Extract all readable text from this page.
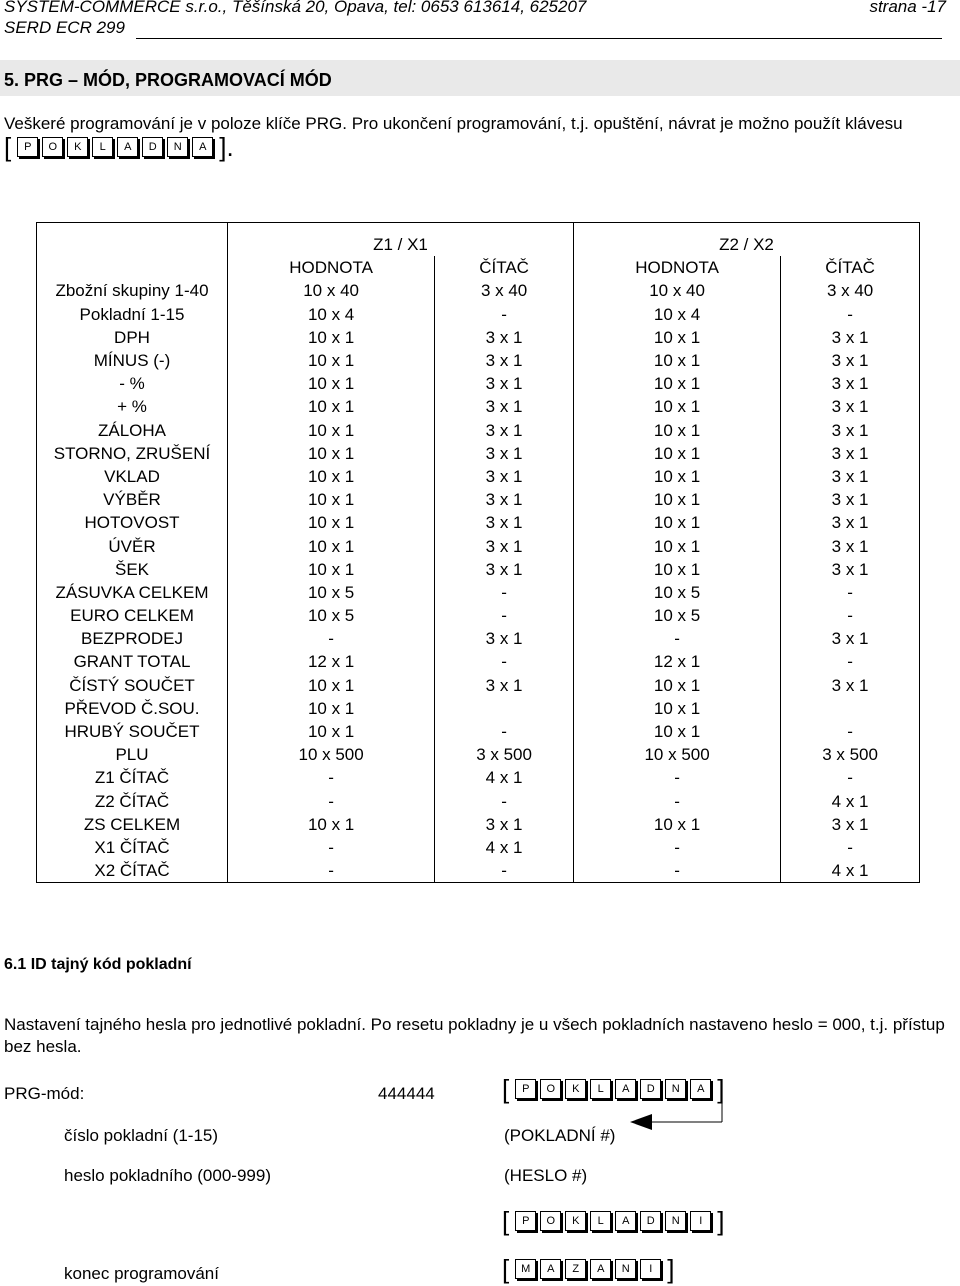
SYSTEM-COMMERCE s.r.o., Těšínská 20, Opava, tel: 0653 613614, 625207	strana -17
SERD ECR 299
5. PRG – MÓD, PROGRAMOVACÍ MÓD
Veškeré programování je v poloze klíče PRG. Pro ukončení programování, t.j. opuštění, návrat je možno použít klávesu
[	P	O	K	L	A	D	N	A ].
	Z1 / X1		Z2 / X2	
	HODNOTA	ČÍTAČ	HODNOTA	ČÍTAČ
Zbožní skupiny 1-40	10 x 40	3 x 40	10 x 40	3 x 40
Pokladní 1-15	10 x 4	-	10 x 4	-
DPH	10 x 1	3 x 1	10 x 1	3 x 1
MÍNUS (-)	10 x 1	3 x 1	10 x 1	3 x 1
- %	10 x 1	3 x 1	10 x 1	3 x 1
+ %	10 x 1	3 x 1	10 x 1	3 x 1
ZÁLOHA	10 x 1	3 x 1	10 x 1	3 x 1
STORNO, ZRUŠENÍ	10 x 1	3 x 1	10 x 1	3 x 1
VKLAD	10 x 1	3 x 1	10 x 1	3 x 1
VÝBĚR	10 x 1	3 x 1	10 x 1	3 x 1
HOTOVOST	10 x 1	3 x 1	10 x 1	3 x 1
ÚVĚR	10 x 1	3 x 1	10 x 1	3 x 1
ŠEK	10 x 1	3 x 1	10 x 1	3 x 1
ZÁSUVKA CELKEM	10 x 5	-	10 x 5	-
EURO CELKEM	10 x 5	-	10 x 5	-
BEZPRODEJ	-	3 x 1	-	3 x 1
GRANT TOTAL	12 x 1	-	12 x 1	-
ČÍSTÝ SOUČET	10 x 1	3 x 1	10 x 1	3 x 1
PŘEVOD Č.SOU.	10 x 1		10 x 1	
HRUBÝ SOUČET	10 x 1	-	10 x 1	-
PLU	10 x 500	3 x 500	10 x 500	3 x 500
Z1 ČÍTAČ	-	4 x 1	-	-
Z2 ČÍTAČ	-	-	-	4 x 1
ZS CELKEM	10 x 1	3 x 1	10 x 1	3 x 1
X1 ČÍTAČ	-	4 x 1	-	-
X2 ČÍTAČ	-	-	-	4 x 1
6.1 ID tajný kód pokladní
Nastavení tajného hesla pro jednotlivé pokladní. Po resetu pokladny je u všech pokladních nastaveno heslo = 000, t.j. přístup bez hesla.
PRG-mód:	444444	[	P	O	K	L	A	D	N	A ]
číslo pokladní (1-15)	(POKLADNÍ #)
heslo pokladního (000-999)	(HESLO #)
[	P	O	K	L	A	D	N	I ]
konec programování	[	M	A	Z	A	N	I ]
